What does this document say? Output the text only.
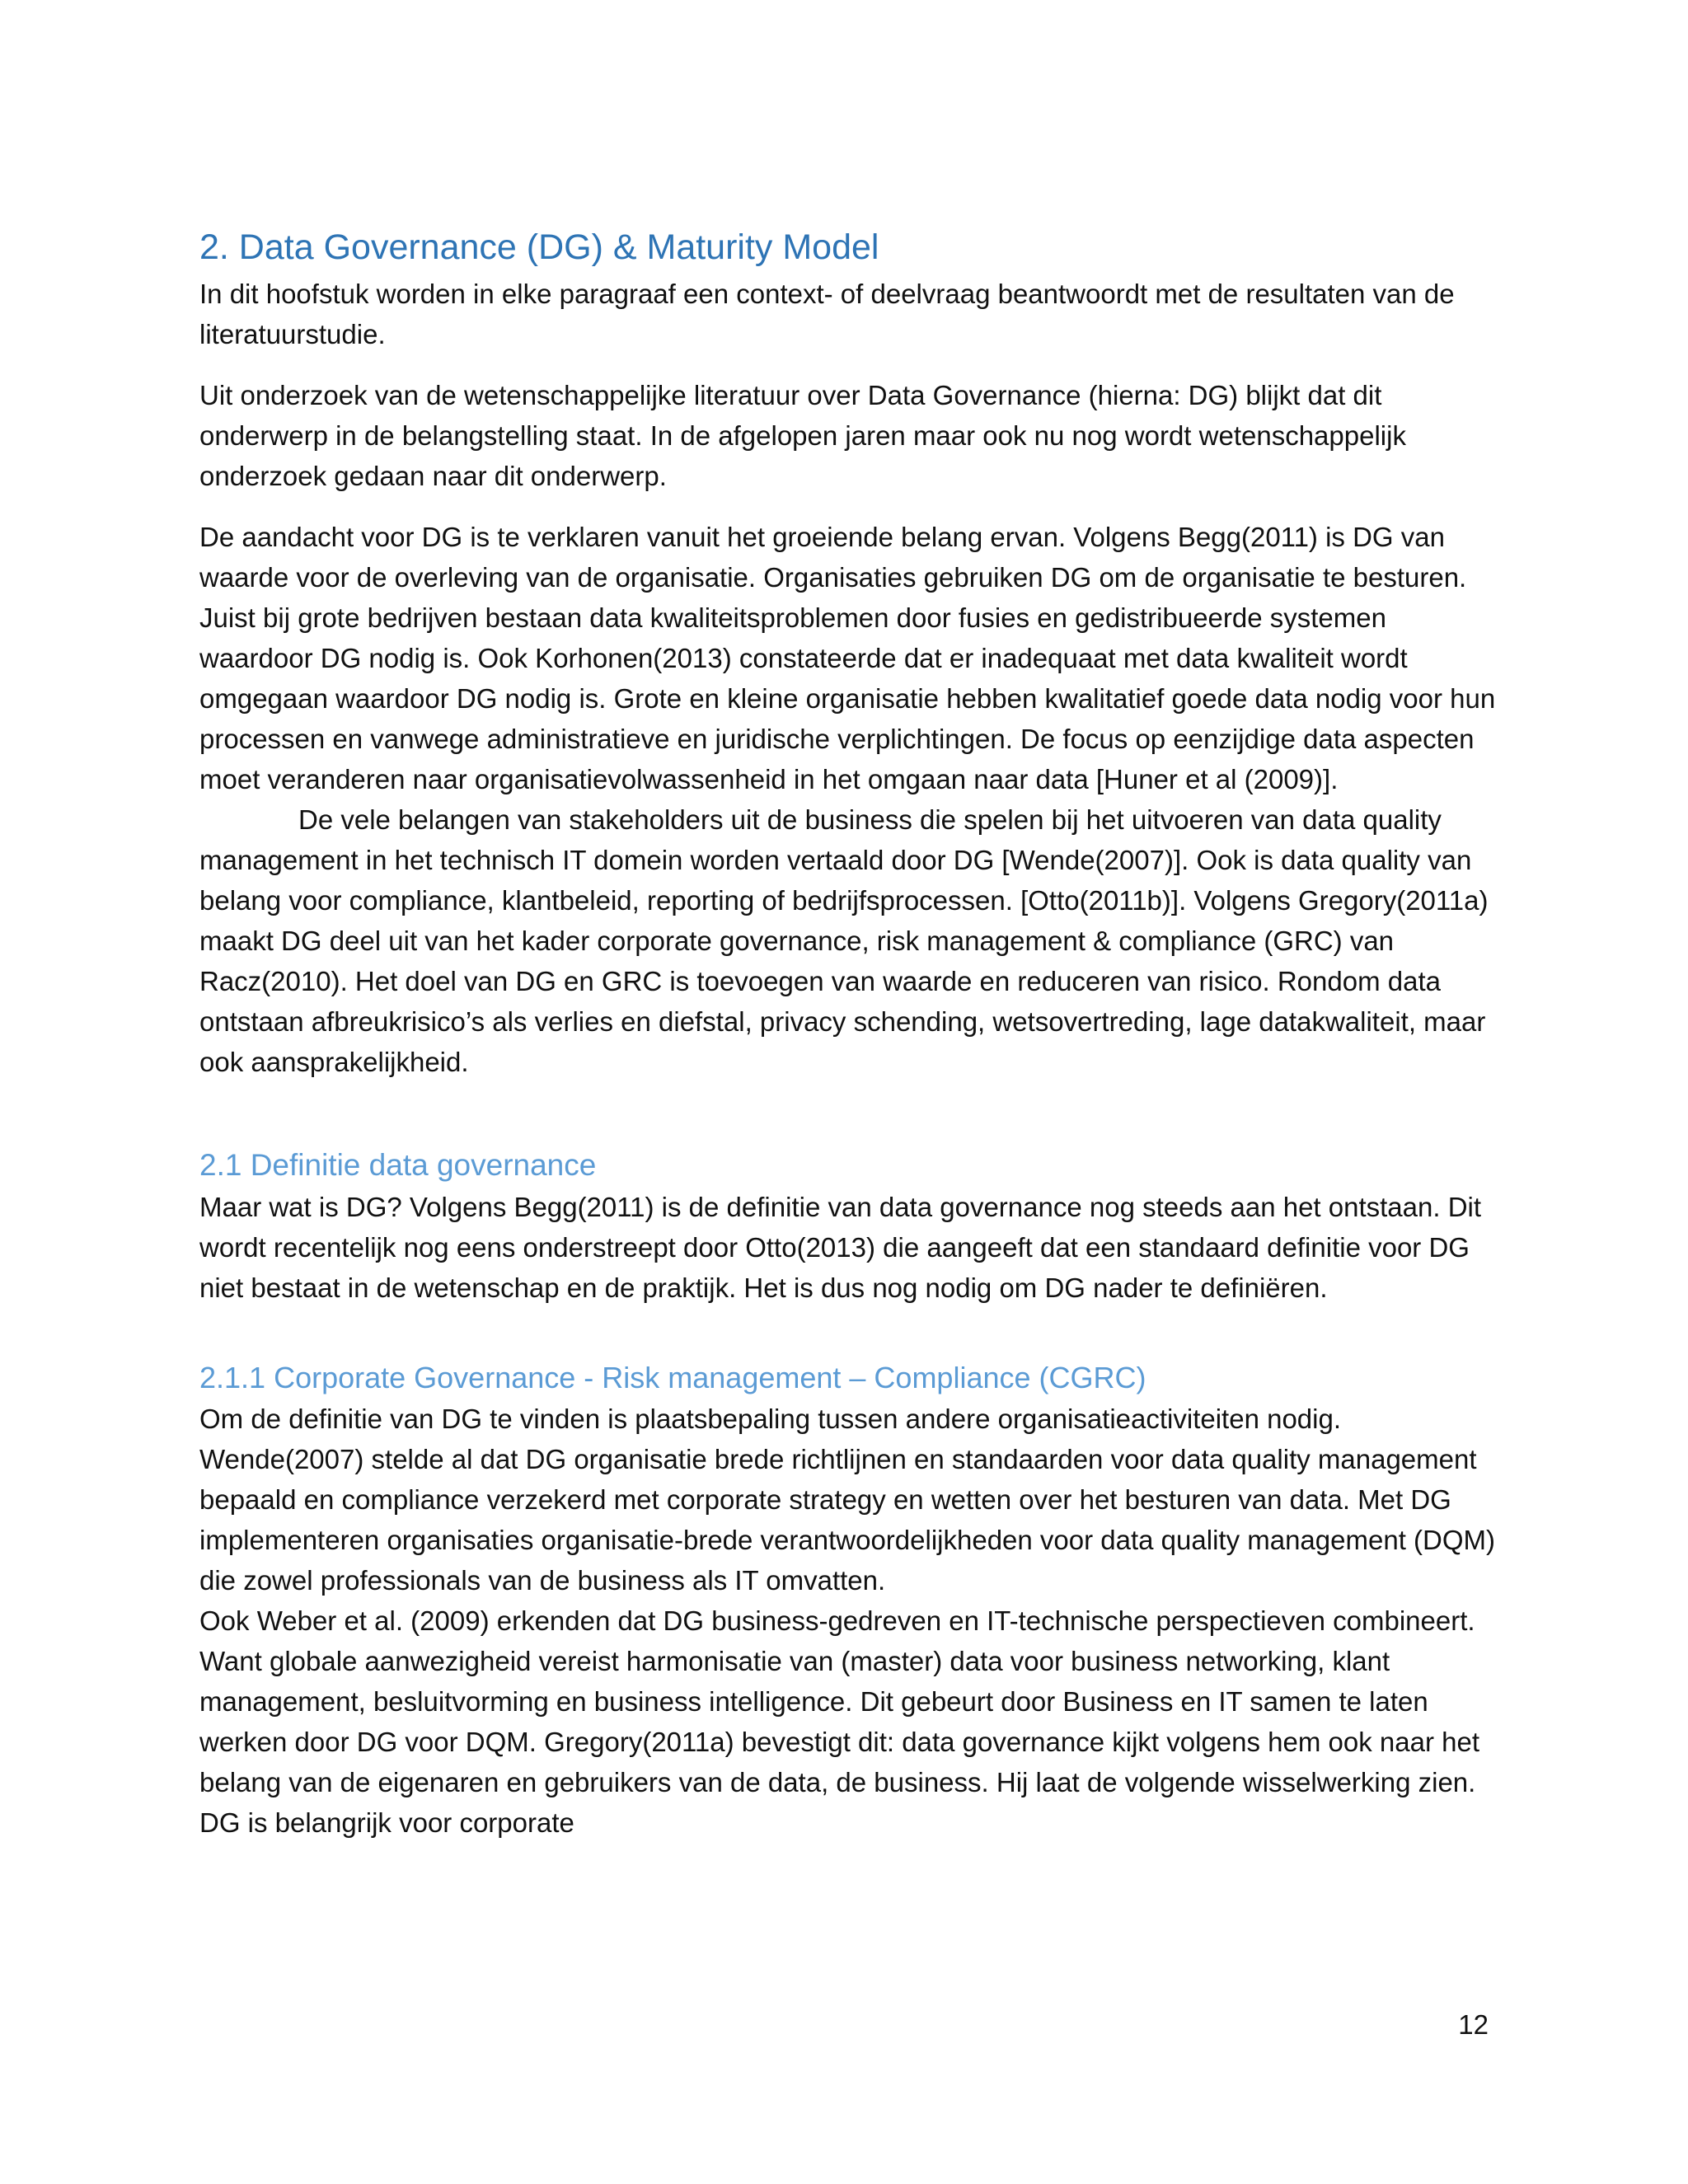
2. Data Governance (DG) & Maturity Model

In dit hoofstuk worden in elke paragraaf een context- of deelvraag beantwoordt met de resultaten van de literatuurstudie.

Uit onderzoek van de wetenschappelijke literatuur over Data Governance (hierna: DG) blijkt dat dit onderwerp in de belangstelling staat. In de afgelopen jaren maar ook nu nog wordt wetenschappelijk onderzoek gedaan naar dit onderwerp.

De aandacht voor DG is te verklaren vanuit het groeiende belang ervan. Volgens Begg(2011) is DG van waarde voor de overleving van de organisatie. Organisaties gebruiken DG om de organisatie te besturen. Juist bij grote bedrijven bestaan data kwaliteitsproblemen door fusies en gedistribueerde systemen waardoor DG nodig is. Ook Korhonen(2013) constateerde dat er inadequaat met data kwaliteit wordt omgegaan waardoor DG nodig is. Grote en kleine organisatie hebben kwalitatief goede data nodig voor hun processen en vanwege administratieve en juridische verplichtingen. De focus op eenzijdige data aspecten moet veranderen naar organisatievolwassenheid in het omgaan naar data [Huner et al (2009)].

De vele belangen van stakeholders uit de business die spelen bij het uitvoeren van data quality management in het technisch IT domein worden vertaald door DG [Wende(2007)]. Ook is data quality van belang voor compliance, klantbeleid, reporting of bedrijfsprocessen. [Otto(2011b)]. Volgens Gregory(2011a) maakt DG deel uit van het kader corporate governance, risk management & compliance (GRC) van Racz(2010). Het doel van DG en GRC is toevoegen van waarde en reduceren van risico. Rondom data ontstaan afbreukrisico’s als verlies en diefstal, privacy schending, wetsovertreding, lage datakwaliteit, maar ook aansprakelijkheid.

2.1 Definitie data governance

Maar wat is DG? Volgens Begg(2011) is de definitie van data governance nog steeds aan het ontstaan. Dit wordt recentelijk nog eens onderstreept door Otto(2013) die aangeeft dat een standaard definitie voor DG niet bestaat in de wetenschap en de praktijk. Het is dus nog nodig om DG nader te definiëren.

2.1.1 Corporate Governance - Risk management – Compliance (CGRC)

Om de definitie van DG te vinden is plaatsbepaling tussen andere organisatieactiviteiten nodig. Wende(2007) stelde al dat DG organisatie brede richtlijnen en standaarden voor data quality management bepaald en compliance verzekerd met corporate strategy en wetten over het besturen van data. Met DG implementeren organisaties organisatie-brede verantwoordelijkheden voor data quality management (DQM) die zowel professionals van de business als IT omvatten.

Ook Weber et al. (2009) erkenden dat DG business-gedreven en IT-technische perspectieven combineert. Want globale aanwezigheid vereist harmonisatie van (master) data voor business networking, klant management, besluitvorming en business intelligence. Dit gebeurt door Business en IT samen te laten werken door DG voor DQM. Gregory(2011a) bevestigt dit: data governance kijkt volgens hem ook naar het belang van de eigenaren en gebruikers van de data, de business. Hij laat de volgende wisselwerking zien. DG is belangrijk voor corporate

12
